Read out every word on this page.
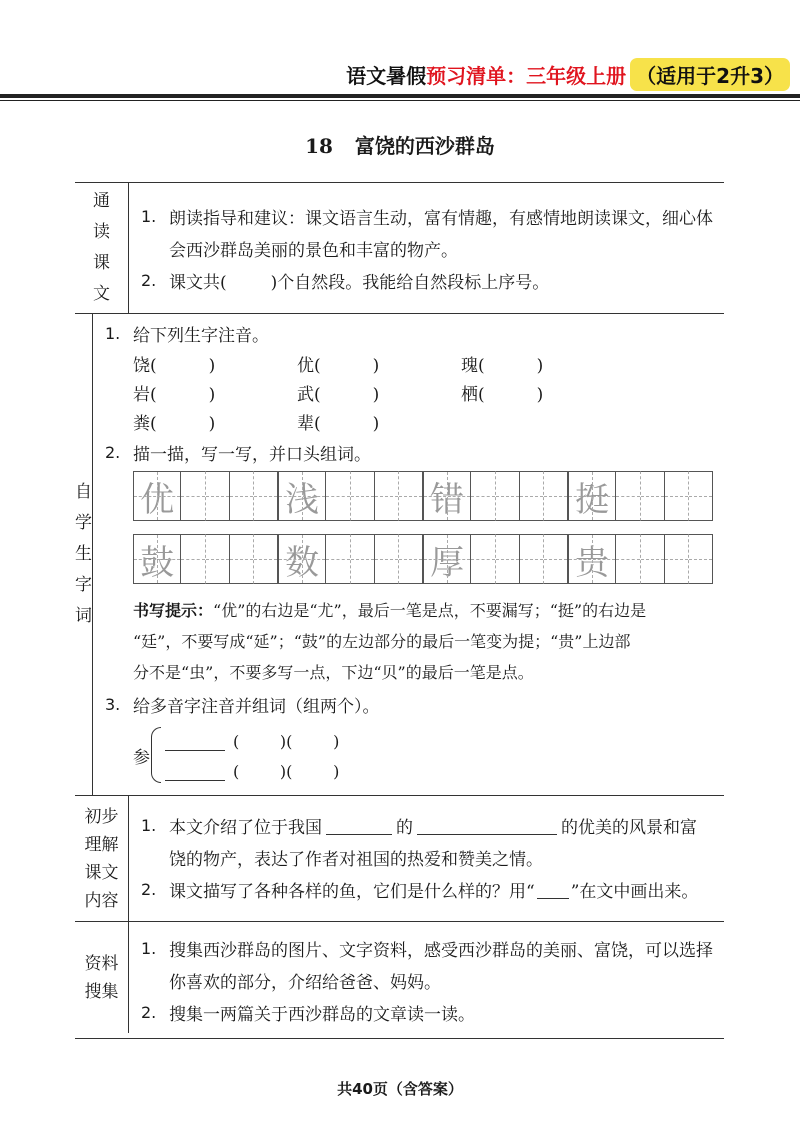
语文暑假 预习清单：三年级上册 （适用于2升3）
18 富饶的西沙群岛
通
读
课
文
1. 朗读指导和建议：课文语言生动，富有情趣，有感情地朗读课文，细心体
会西沙群岛美丽的景色和丰富的物产。
2. 课文共(	)个自然段。我能给自然段标上序号。
自
学
生
字
词
1. 给下列生字注音。
饶(	)	优(	)	瑰(	)
岩(	)	武(	)	栖(	)
粪(	)	辈(	)
2. 描一描，写一写，并口头组词。
优	浅	错	挺
鼓	数	厚	贵
书写提示：“优”的右边是“尤”，最后一笔是点，不要漏写；“挺”的右边是
“廷”，不要写成“延”；“鼓”的左边部分的最后一笔变为提；“贵”上边部
分不是“虫”，不要多写一点，下边“贝”的最后一笔是点。
3. 给多音字注音并组词（组两个）。
参
(        )(        )
(        )(        )
初步
理解
课文
内容
1. 本文介绍了位于我国	的	的优美的风景和富
饶的物产，表达了作者对祖国的热爱和赞美之情。
2. 课文描写了各种各样的鱼，它们是什么样的？用“ ”在文中画出来。
资料
搜集
1. 搜集西沙群岛的图片、文字资料，感受西沙群岛的美丽、富饶，可以选择
你喜欢的部分，介绍给爸爸、妈妈。
2. 搜集一两篇关于西沙群岛的文章读一读。
共40页（含答案）
